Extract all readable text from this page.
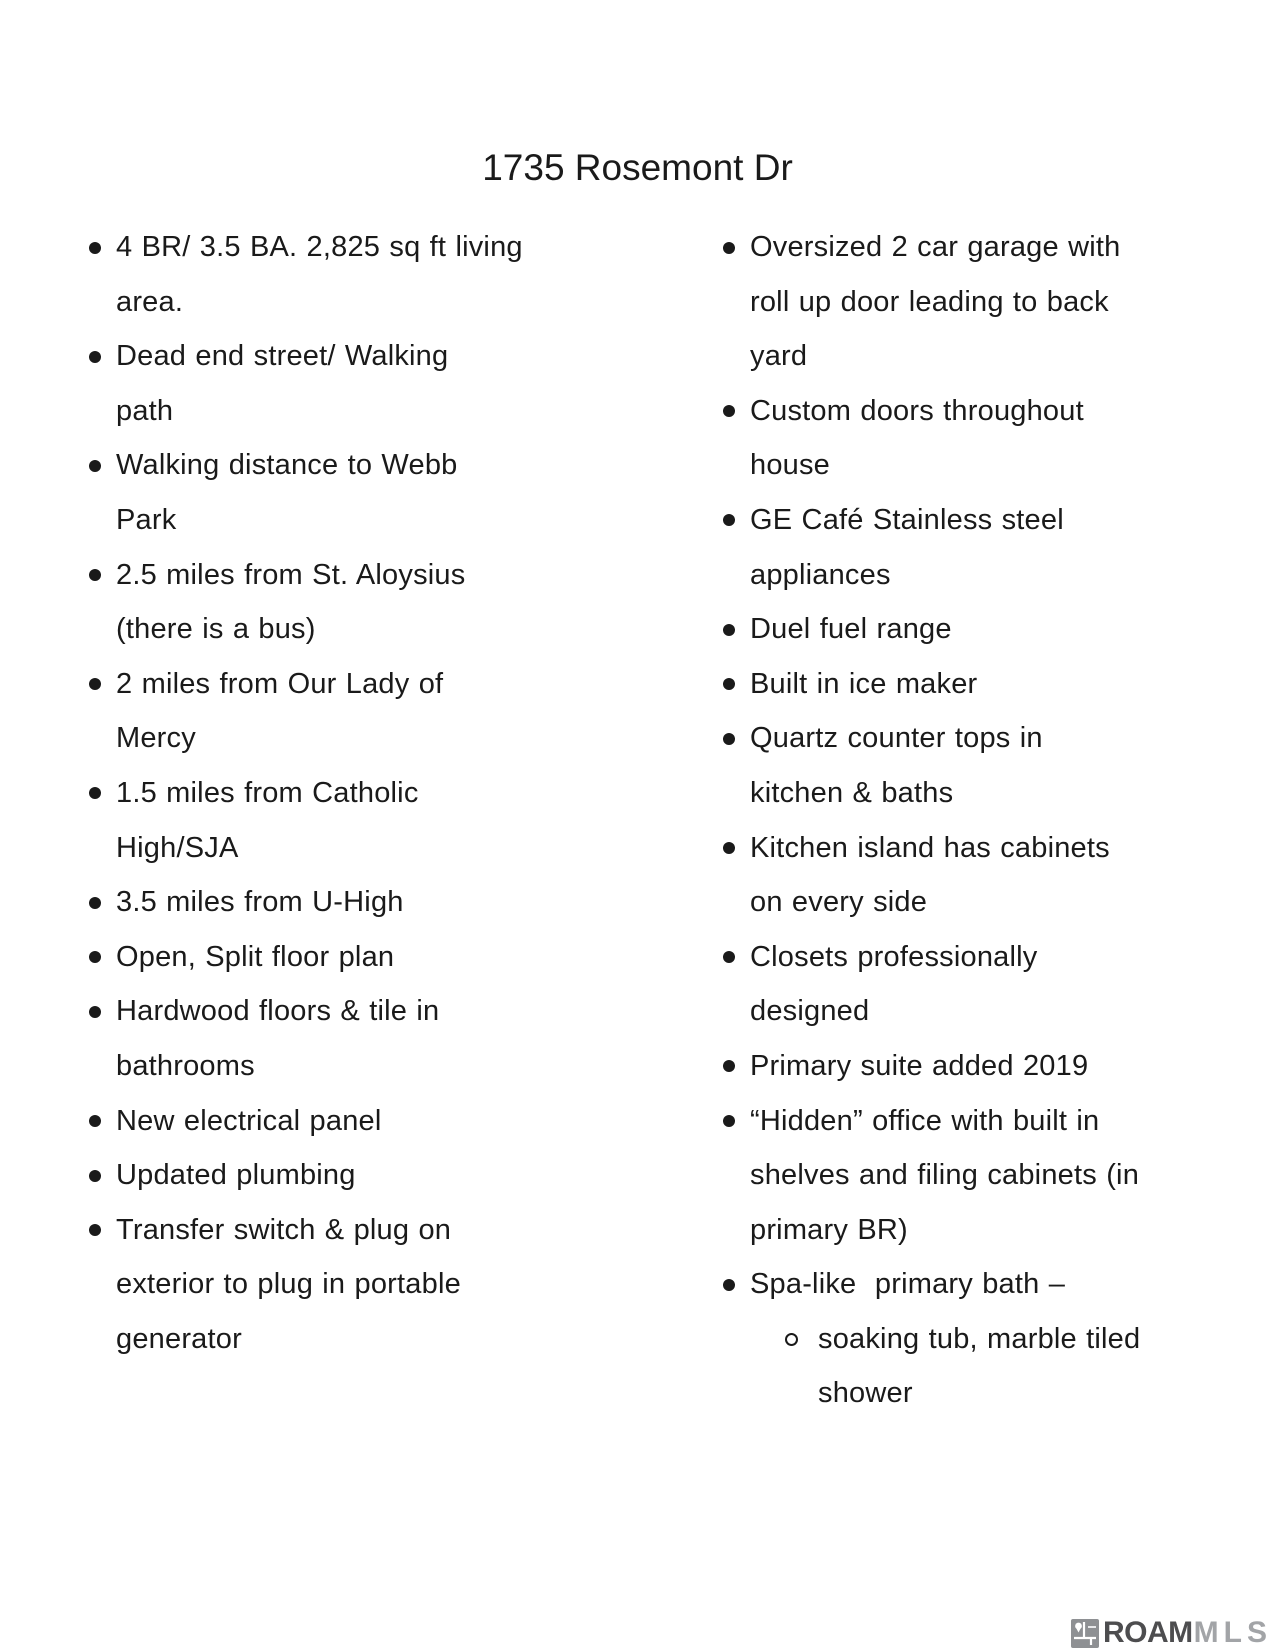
1735 Rosemont Dr
4 BR/ 3.5 BA. 2,825 sq ft living
area.
Dead end street/ Walking
path
Walking distance to Webb
Park
2.5 miles from St. Aloysius
(there is a bus)
2 miles from Our Lady of
Mercy
1.5 miles from Catholic
High/SJA
3.5 miles from U-High
Open, Split floor plan
Hardwood floors & tile in
bathrooms
New electrical panel
Updated plumbing
Transfer switch & plug on
exterior to plug in portable
generator
Oversized 2 car garage with
roll up door leading to back
yard
Custom doors throughout
house
GE Café Stainless steel
appliances
Duel fuel range
Built in ice maker
Quartz counter tops in
kitchen & baths
Kitchen island has cabinets
on every side
Closets professionally
designed
Primary suite added 2019
“Hidden” office with built in
shelves and filing cabinets (in
primary BR)
Spa-like  primary bath –
soaking tub, marble tiled
shower
ROAM MLS
